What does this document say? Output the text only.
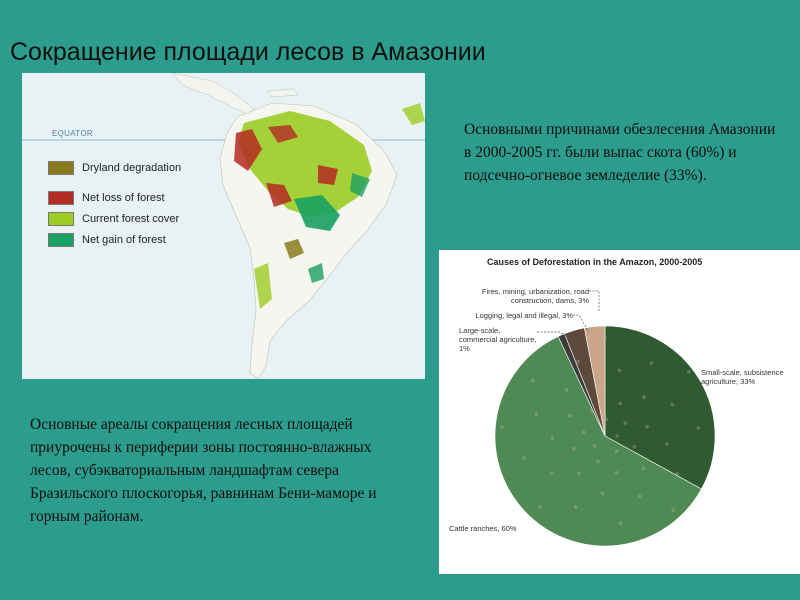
Сокращение площади лесов в Амазонии
EQUATOR
Dryland degradation
Net loss of forest
Current forest cover
Net gain of forest
Основными причинами обезлесения Амазонии в 2000-2005 гг. были выпас скота (60%) и подсечно-огневое земледелие (33%).
Causes of Deforestation in the Amazon, 2000-2005
Fires, mining, urbanization, road construction, dams, 3%
Logging, legal and illegal, 3%
Large-scale, commercial agriculture, 1%
Small-scale, subsistence agriculture, 33%
Cattle ranches, 60%
Основные ареалы сокращения лесных площадей приурочены к периферии зоны постоянно-влажных лесов, субэкваториальным ландшафтам севера Бразильского плоскогорья, равнинам Бени-маморе и горным районам.
